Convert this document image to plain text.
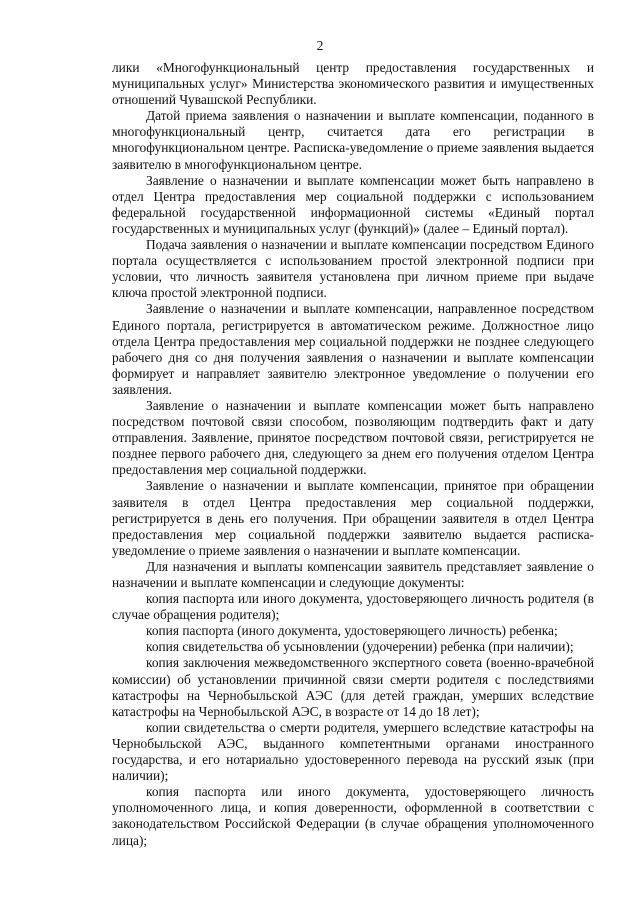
2

лики «Многофункциональный центр предоставления государственных и муниципальных услуг» Министерства экономического развития и имущественных отношений Чувашской Республики.

Датой приема заявления о назначении и выплате компенсации, поданного в многофункциональный центр, считается дата его регистрации в многофункциональном центре. Расписка-уведомление о приеме заявления выдается заявителю в многофункциональном центре.

Заявление о назначении и выплате компенсации может быть направлено в отдел Центра предоставления мер социальной поддержки с использованием федеральной государственной информационной системы «Единый портал государственных и муниципальных услуг (функций)» (далее – Единый портал).

Подача заявления о назначении и выплате компенсации посредством Единого портала осуществляется с использованием простой электронной подписи при условии, что личность заявителя установлена при личном приеме при выдаче ключа простой электронной подписи.

Заявление о назначении и выплате компенсации, направленное посредством Единого портала, регистрируется в автоматическом режиме. Должностное лицо отдела Центра предоставления мер социальной поддержки не позднее следующего рабочего дня со дня получения заявления о назначении и выплате компенсации формирует и направляет заявителю электронное уведомление о получении его заявления.

Заявление о назначении и выплате компенсации может быть направлено посредством почтовой связи способом, позволяющим подтвердить факт и дату отправления. Заявление, принятое посредством почтовой связи, регистрируется не позднее первого рабочего дня, следующего за днем его получения отделом Центра предоставления мер социальной поддержки.

Заявление о назначении и выплате компенсации, принятое при обращении заявителя в отдел Центра предоставления мер социальной поддержки, регистрируется в день его получения. При обращении заявителя в отдел Центра предоставления мер социальной поддержки заявителю выдается расписка-уведомление о приеме заявления о назначении и выплате компенсации.

Для назначения и выплаты компенсации заявитель представляет заявление о назначении и выплате компенсации и следующие документы:

копия паспорта или иного документа, удостоверяющего личность родителя (в случае обращения родителя);

копия паспорта (иного документа, удостоверяющего личность) ребенка;

копия свидетельства об усыновлении (удочерении) ребенка (при наличии);

копия заключения межведомственного экспертного совета (военно-врачебной комиссии) об установлении причинной связи смерти родителя с последствиями катастрофы на Чернобыльской АЭС (для детей граждан, умерших вследствие катастрофы на Чернобыльской АЭС, в возрасте от 14 до 18 лет);

копии свидетельства о смерти родителя, умершего вследствие катастрофы на Чернобыльской АЭС, выданного компетентными органами иностранного государства, и его нотариально удостоверенного перевода на русский язык (при наличии);

копия паспорта или иного документа, удостоверяющего личность уполномоченного лица, и копия доверенности, оформленной в соответствии с законодательством Российской Федерации (в случае обращения уполномоченного лица);
